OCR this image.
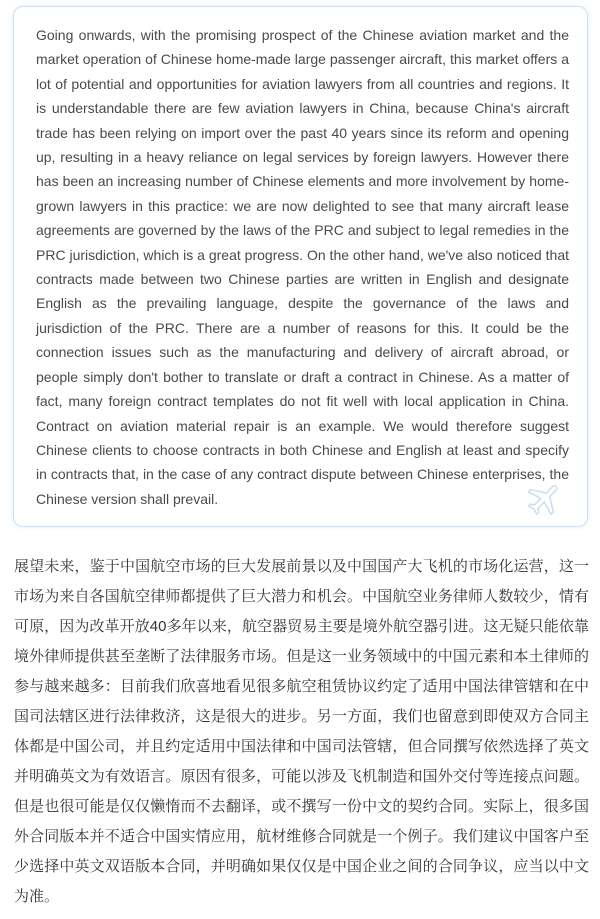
Going onwards, with the promising prospect of the Chinese aviation market and the market operation of Chinese home-made large passenger aircraft, this market offers a lot of potential and opportunities for aviation lawyers from all countries and regions. It is understandable there are few aviation lawyers in China, because China's aircraft trade has been relying on import over the past 40 years since its reform and opening up, resulting in a heavy reliance on legal services by foreign lawyers. However there has been an increasing number of Chinese elements and more involvement by home-grown lawyers in this practice: we are now delighted to see that many aircraft lease agreements are governed by the laws of the PRC and subject to legal remedies in the PRC jurisdiction, which is a great progress. On the other hand, we've also noticed that contracts made between two Chinese parties are written in English and designate English as the prevailing language, despite the governance of the laws and jurisdiction of the PRC. There are a number of reasons for this. It could be the connection issues such as the manufacturing and delivery of aircraft abroad, or people simply don't bother to translate or draft a contract in Chinese. As a matter of fact, many foreign contract templates do not fit well with local application in China. Contract on aviation material repair is an example. We would therefore suggest Chinese clients to choose contracts in both Chinese and English at least and specify in contracts that, in the case of any contract dispute between Chinese enterprises, the Chinese version shall prevail.

展望未来，鉴于中国航空市场的巨大发展前景以及中国国产大飞机的市场化运营，这一市场为来自各国航空律师都提供了巨大潜力和机会。中国航空业务律师人数较少，情有可原，因为改革开放40多年以来，航空器贸易主要是境外航空器引进。这无疑只能依靠境外律师提供甚至垄断了法律服务市场。但是这一业务领域中的中国元素和本土律师的参与越来越多：目前我们欣喜地看见很多航空租赁协议约定了适用中国法律管辖和在中国司法辖区进行法律救济，这是很大的进步。另一方面，我们也留意到即使双方合同主体都是中国公司，并且约定适用中国法律和中国司法管辖，但合同撰写依然选择了英文并明确英文为有效语言。原因有很多，可能以涉及飞机制造和国外交付等连接点问题。但是也很可能是仅仅懒惰而不去翻译，或不撰写一份中文的契约合同。实际上，很多国外合同版本并不适合中国实情应用，航材维修合同就是一个例子。我们建议中国客户至少选择中英文双语版本合同，并明确如果仅仅是中国企业之间的合同争议，应当以中文为准。
